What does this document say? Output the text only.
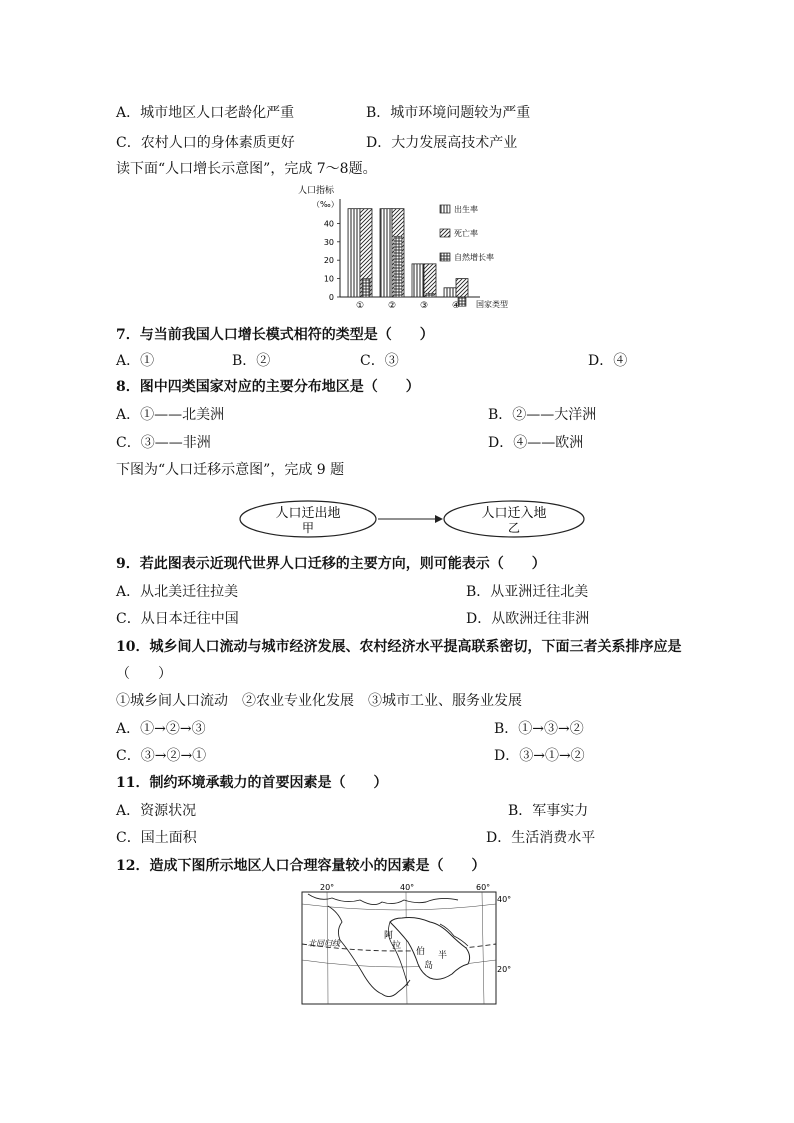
A．城市地区人口老龄化严重	B．城市环境问题较为严重
C．农村人口的身体素质更好	D．大力发展高技术产业
读下面“人口增长示意图”，完成 7～8题。
人口指标
（‰）
0
10
20
30
40
①	②	③	④ 国家类型
出生率
死亡率
自然增长率
7．与当前我国人口增长模式相符的类型是（　　）
A．①	B．②	C．③	D．④
8．图中四类国家对应的主要分布地区是（　　）
A．①——北美洲	B．②——大洋洲
C．③——非洲	D．④——欧洲
下图为“人口迁移示意图”，完成 9 题
人口迁出地
甲
人口迁入地
乙
9．若此图表示近现代世界人口迁移的主要方向，则可能表示（　　）
A．从北美迁往拉美	B．从亚洲迁往北美
C．从日本迁往中国	D．从欧洲迁往非洲
10．城乡间人口流动与城市经济发展、农村经济水平提高联系密切，下面三者关系排序应是
（　　）
①城乡间人口流动　②农业专业化发展　③城市工业、服务业发展
A．①→②→③	B．①→③→②
C．③→②→①	D．③→①→②
11．制约环境承载力的首要因素是（　　）
A．资源状况	B．军事实力
C．国土面积	D．生活消费水平
12．造成下图所示地区人口合理容量较小的因素是（　　）
20°	40°	60°
40°
20°
北回归线
阿
拉
伯 半
岛
